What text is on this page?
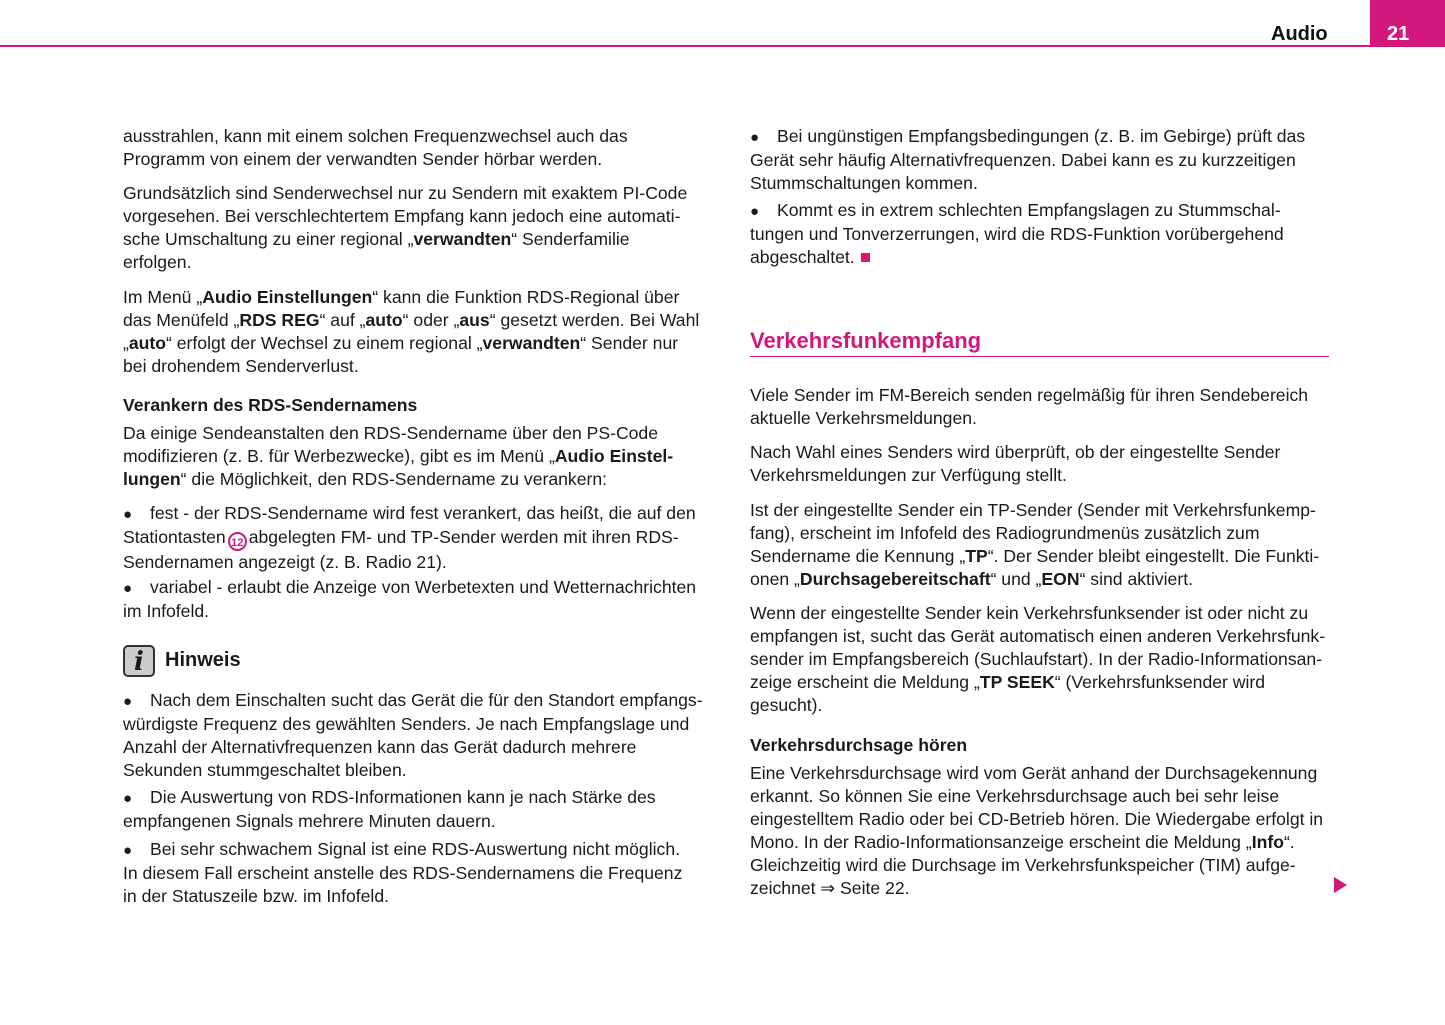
Audio	21
ausstrahlen, kann mit einem solchen Frequenzwechsel auch das
Programm von einem der verwandten Sender hörbar werden.
Grundsätzlich sind Senderwechsel nur zu Sendern mit exaktem PI-Code
vorgesehen. Bei verschlechtertem Empfang kann jedoch eine automati-
sche Umschaltung zu einer regional „verwandten“ Senderfamilie
erfolgen.
Im Menü „Audio Einstellungen“ kann die Funktion RDS-Regional über
das Menüfeld „RDS REG“ auf „auto“ oder „aus“ gesetzt werden. Bei Wahl
„auto“ erfolgt der Wechsel zu einem regional „verwandten“ Sender nur
bei drohendem Senderverlust.
Verankern des RDS-Sendernamens
Da einige Sendeanstalten den RDS-Sendername über den PS-Code
modifizieren (z. B. für Werbezwecke), gibt es im Menü „Audio Einstel-
lungen“ die Möglichkeit, den RDS-Sendername zu verankern:
● fest - der RDS-Sendername wird fest verankert, das heißt, die auf den
Stationtasten 12 abgelegten FM- und TP-Sender werden mit ihren RDS-
Sendernamen angezeigt (z. B. Radio 21).
● variabel - erlaubt die Anzeige von Werbetexten und Wetternachrichten
im Infofeld.
● Nach dem Einschalten sucht das Gerät die für den Standort empfangs-
würdigste Frequenz des gewählten Senders. Je nach Empfangslage und
Anzahl der Alternativfrequenzen kann das Gerät dadurch mehrere
Sekunden stummgeschaltet bleiben.
● Die Auswertung von RDS-Informationen kann je nach Stärke des
empfangenen Signals mehrere Minuten dauern.
● Bei sehr schwachem Signal ist eine RDS-Auswertung nicht möglich.
In diesem Fall erscheint anstelle des RDS-Sendernamens die Frequenz
in der Statuszeile bzw. im Infofeld.
● Bei ungünstigen Empfangsbedingungen (z. B. im Gebirge) prüft das
Gerät sehr häufig Alternativfrequenzen. Dabei kann es zu kurzzeitigen
Stummschaltungen kommen.
● Kommt es in extrem schlechten Empfangslagen zu Stummschal-
tungen und Tonverzerrungen, wird die RDS-Funktion vorübergehend
abgeschaltet.
Viele Sender im FM-Bereich senden regelmäßig für ihren Sendebereich
aktuelle Verkehrsmeldungen.
Nach Wahl eines Senders wird überprüft, ob der eingestellte Sender
Verkehrsmeldungen zur Verfügung stellt.
Ist der eingestellte Sender ein TP-Sender (Sender mit Verkehrsfunkemp-
fang), erscheint im Infofeld des Radiogrundmenüs zusätzlich zum
Sendername die Kennung „TP“. Der Sender bleibt eingestellt. Die Funkti-
onen „Durchsagebereitschaft“ und „EON“ sind aktiviert.
Wenn der eingestellte Sender kein Verkehrsfunksender ist oder nicht zu
empfangen ist, sucht das Gerät automatisch einen anderen Verkehrsfunk-
sender im Empfangsbereich (Suchlaufstart). In der Radio-Informationsan-
zeige erscheint die Meldung „TP SEEK“ (Verkehrsfunksender wird
gesucht).
Verkehrsdurchsage hören
Eine Verkehrsdurchsage wird vom Gerät anhand der Durchsagekennung
erkannt. So können Sie eine Verkehrsdurchsage auch bei sehr leise
eingestelltem Radio oder bei CD-Betrieb hören. Die Wiedergabe erfolgt in
Mono. In der Radio-Informationsanzeige erscheint die Meldung „Info“.
Gleichzeitig wird die Durchsage im Verkehrsfunkspeicher (TIM) aufge-
zeichnet ⇒ Seite 22.
i Hinweis
Verkehrsfunkempfang
